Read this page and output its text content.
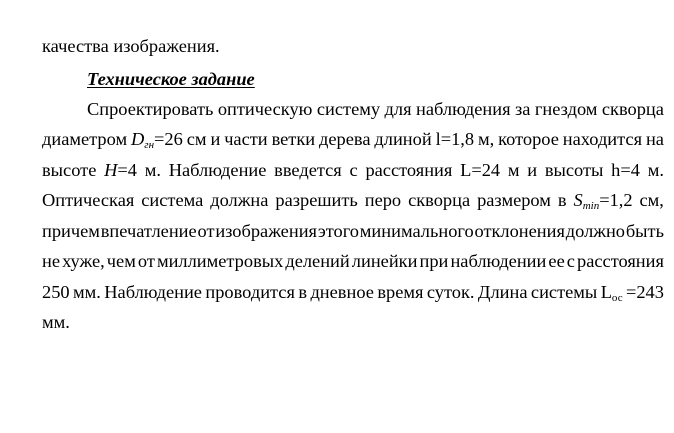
качества изображения.
Техническое задание
Спроектировать оптическую систему для наблюдения за гнездом скворца
диаметром $D_{гн}=26$ см и части ветки дерева длиной l=1,8 м, которое находится на
высоте H=4 м. Наблюдение введется с расстояния L=24 м и высоты h=4 м.
Оптическая система должна разрешить перо скворца размером в $S_{min}=1,2$ см,
причем впечатление от изображения этого минимального отклонения должно быть
не хуже, чем от миллиметровых делений линейки при наблюдении ее с расстояния
250 мм. Наблюдение проводится в дневное время суток. Длина системы $L_{ос} =243$
мм.
